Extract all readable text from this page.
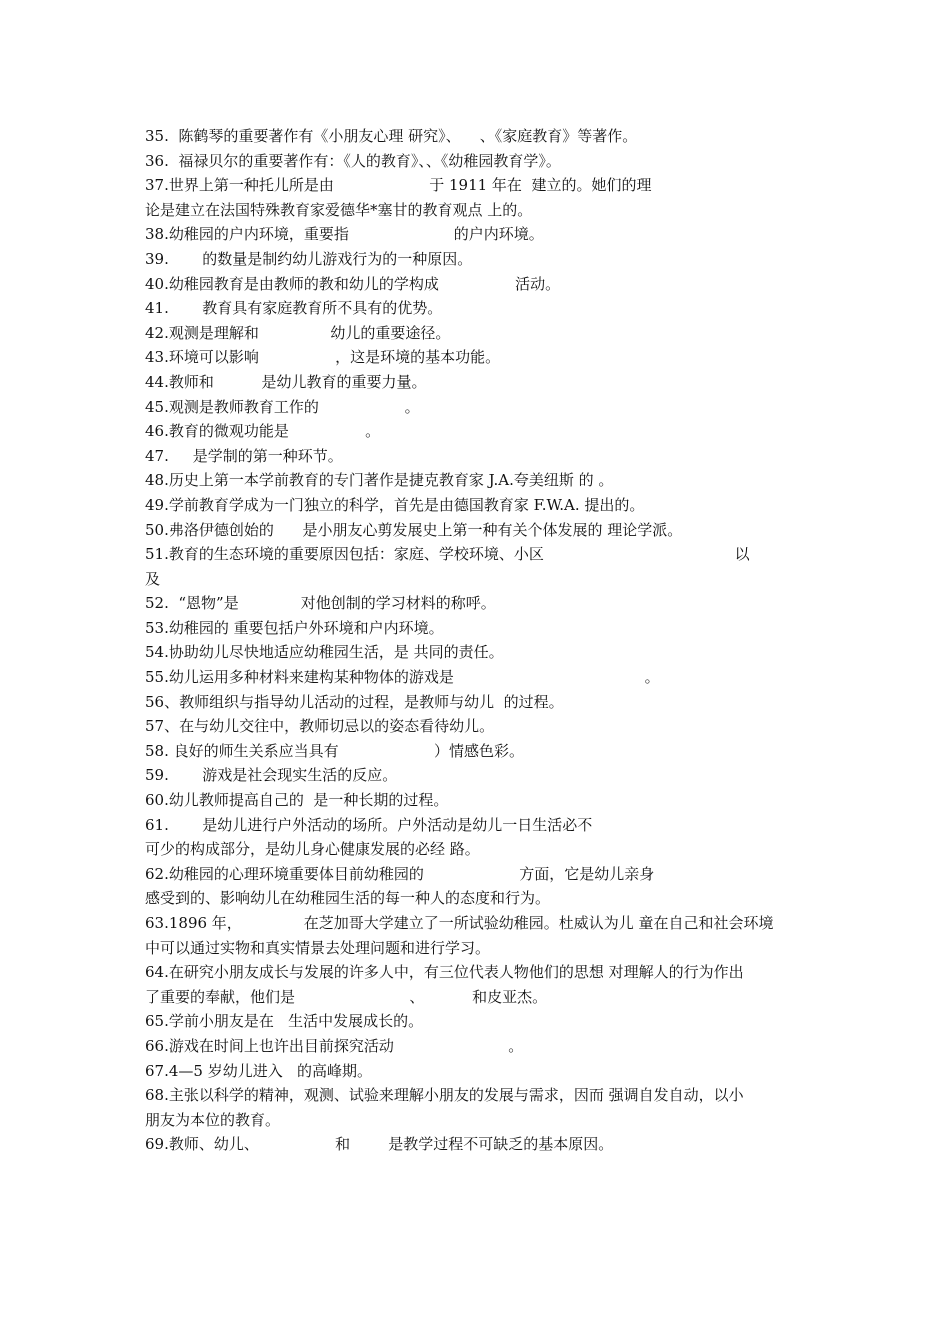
35.  陈鹤琴的重要著作有《小朋友心理 研究》、    、《家庭教育》等著作。
36.  福禄贝尔的重要著作有：《人的教育》、、《幼稚园教育学》。
37.世界上第一种托儿所是由                    于 1911 年在  建立的。她们的理
论是建立在法国特殊教育家爱德华*塞甘的教育观点 上的。
38.幼稚园的户内环境，重要指                      的户内环境。
39.       的数量是制约幼儿游戏行为的一种原因。
40.幼稚园教育是由教师的教和幼儿的学构成                活动。
41.       教育具有家庭教育所不具有的优势。
42.观测是理解和               幼儿的重要途径。
43.环境可以影响                ，这是环境的基本功能。
44.教师和          是幼儿教育的重要力量。
45.观测是教师教育工作的                  。
46.教育的微观功能是                。
47.     是学制的第一种环节。
48.历史上第一本学前教育的专门著作是捷克教育家 J.A.夸美纽斯 的 。
49.学前教育学成为一门独立的科学，首先是由德国教育家 F.W.A. 提出的。
50.弗洛伊德创始的      是小朋友心剪发展史上第一种有关个体发展的 理论学派。
51.教育的生态环境的重要原因包括：家庭、学校环境、小区                                        以
及
52.  “恩物”是             对他创制的学习材料的称呼。
53.幼稚园的 重要包括户外环境和户内环境。
54.协助幼儿尽快地适应幼稚园生活，是 共同的责任。
55.幼儿运用多种材料来建构某种物体的游戏是                                        。
56、教师组织与指导幼儿活动的过程，是教师与幼儿  的过程。
57、在与幼儿交往中，教师切忌以的姿态看待幼儿。
58. 良好的师生关系应当具有                    ）情感色彩。
59.       游戏是社会现实生活的反应。
60.幼儿教师提高自己的  是一种长期的过程。
61.       是幼儿进行户外活动的场所。户外活动是幼儿一日生活必不
可少的构成部分，是幼儿身心健康发展的必经 路。
62.幼稚园的心理环境重要体目前幼稚园的                    方面，它是幼儿亲身
感受到的、影响幼儿在幼稚园生活的每一种人的态度和行为。
63.1896 年，             在芝加哥大学建立了一所试验幼稚园。杜威认为儿 童在自己和社会环境
中可以通过实物和真实情景去处理问题和进行学习。
64.在研究小朋友成长与发展的许多人中，有三位代表人物他们的思想 对理解人的行为作出
了重要的奉献，他们是                        、          和皮亚杰。
65.学前小朋友是在   生活中发展成长的。
66.游戏在时间上也许出目前探究活动                        。
67.4—5 岁幼儿进入   的高峰期。
68.主张以科学的精神，观测、试验来理解小朋友的发展与需求，因而 强调自发自动，以小
朋友为本位的教育。
69.教师、幼儿、                和        是教学过程不可缺乏的基本原因。
